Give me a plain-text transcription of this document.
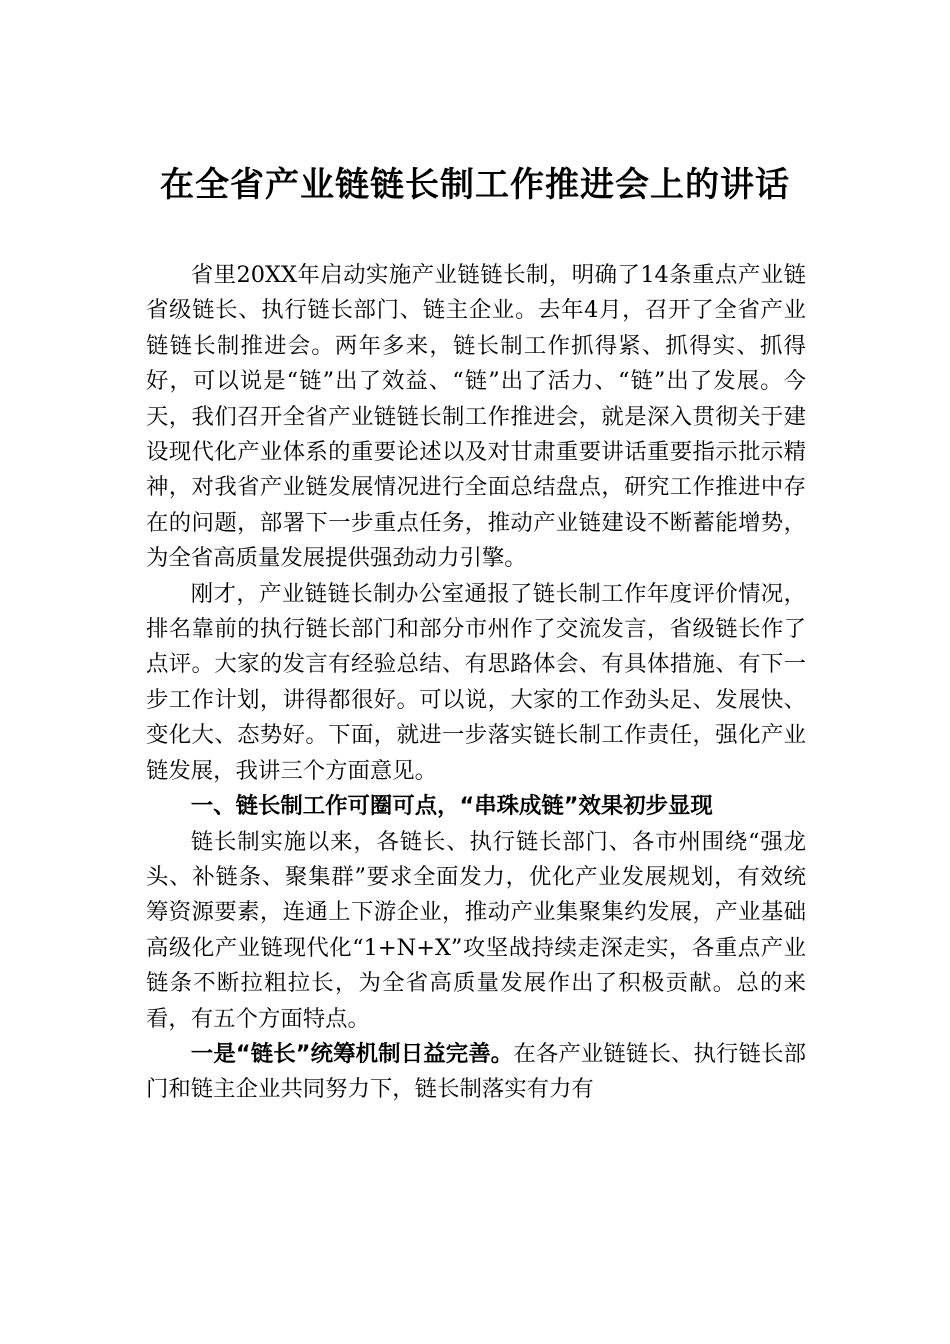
在全省产业链链长制工作推进会上的讲话

省里20XX年启动实施产业链链长制，明确了14条重点产业链省级链长、执行链长部门、链主企业。去年4月，召开了全省产业链链长制推进会。两年多来，链长制工作抓得紧、抓得实、抓得好，可以说是“链”出了效益、“链”出了活力、“链”出了发展。今天，我们召开全省产业链链长制工作推进会，就是深入贯彻关于建设现代化产业体系的重要论述以及对甘肃重要讲话重要指示批示精神，对我省产业链发展情况进行全面总结盘点，研究工作推进中存在的问题，部署下一步重点任务，推动产业链建设不断蓄能增势，为全省高质量发展提供强劲动力引擎。

刚才，产业链链长制办公室通报了链长制工作年度评价情况，排名靠前的执行链长部门和部分市州作了交流发言，省级链长作了点评。大家的发言有经验总结、有思路体会、有具体措施、有下一步工作计划，讲得都很好。可以说，大家的工作劲头足、发展快、变化大、态势好。下面，就进一步落实链长制工作责任，强化产业链发展，我讲三个方面意见。

一、链长制工作可圈可点，“串珠成链”效果初步显现

链长制实施以来，各链长、执行链长部门、各市州围绕“强龙头、补链条、聚集群”要求全面发力，优化产业发展规划，有效统筹资源要素，连通上下游企业，推动产业集聚集约发展，产业基础高级化产业链现代化“1+N+X”攻坚战持续走深走实，各重点产业链条不断拉粗拉长，为全省高质量发展作出了积极贡献。总的来看，有五个方面特点。

一是“链长”统筹机制日益完善。在各产业链链长、执行链长部门和链主企业共同努力下，链长制落实有力有
